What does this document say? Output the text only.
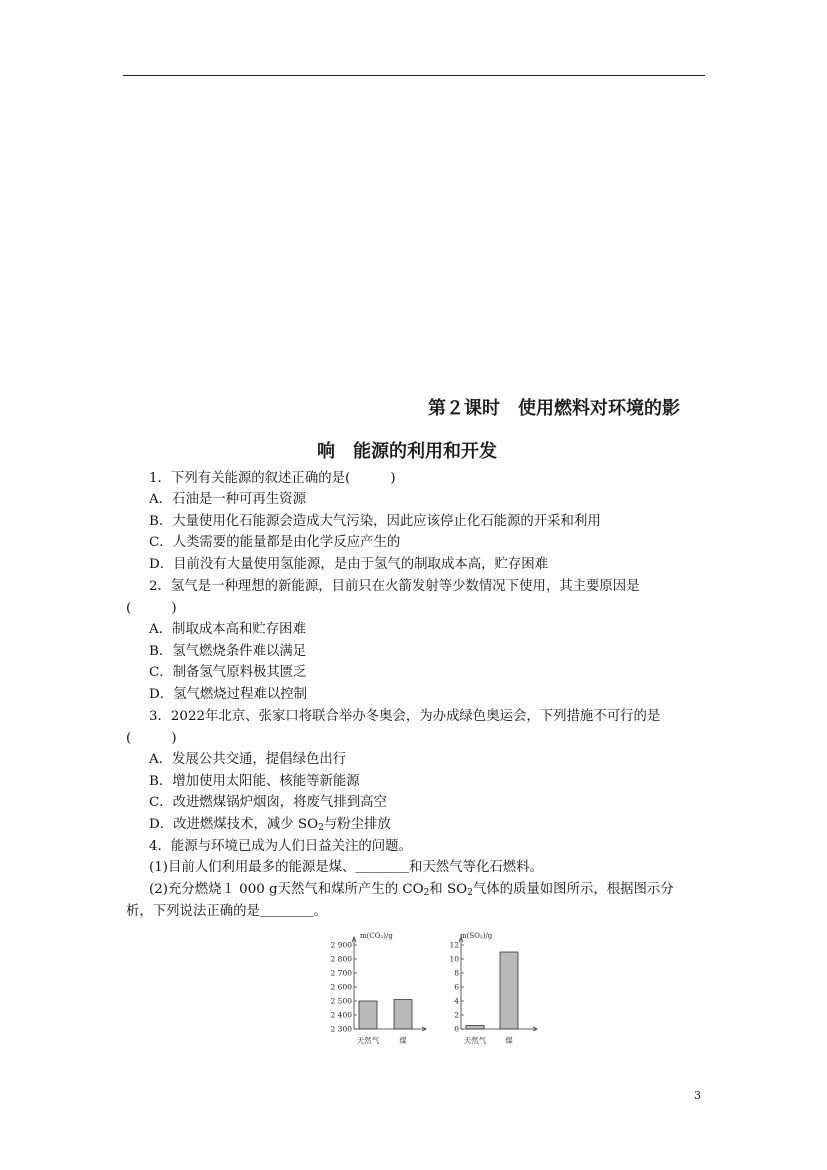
第２课时　使用燃料对环境的影
响　能源的利用和开发
1．下列有关能源的叙述正确的是(　　　)
A．石油是一种可再生资源
B．大量使用化石能源会造成大气污染，因此应该停止化石能源的开采和利用
C．人类需要的能量都是由化学反应产生的
D．目前没有大量使用氢能源，是由于氢气的制取成本高，贮存困难
2．氢气是一种理想的新能源，目前只在火箭发射等少数情况下使用，其主要原因是
(　　　)
A．制取成本高和贮存困难
B．氢气燃烧条件难以满足
C．制备氢气原料极其匮乏
D．氢气燃烧过程难以控制
3．2022年北京、张家口将联合举办冬奥会，为办成绿色奥运会，下列措施不可行的是
(　　　)
A．发展公共交通，提倡绿色出行
B．增加使用太阳能、核能等新能源
C．改进燃煤锅炉烟囱，将废气排到高空
D．改进燃煤技术，减少 $SO_2$与粉尘排放
4．能源与环境已成为人们日益关注的问题。
(1)目前人们利用最多的能源是煤、＿＿＿＿和天然气等化石燃料。
(2)充分燃烧１ 000 g天然气和煤所产生的 $CO_2$和 $SO_2$气体的质量如图所示，根据图示分
析，下列说法正确的是＿＿＿＿。
m(CO₂)/g
2 900
2 800
2 700
2 600
2 500
2 400
2 300
天然气	煤
m(SO₂)/g
12
10
8
6
4
2
0
天然气	煤
3
